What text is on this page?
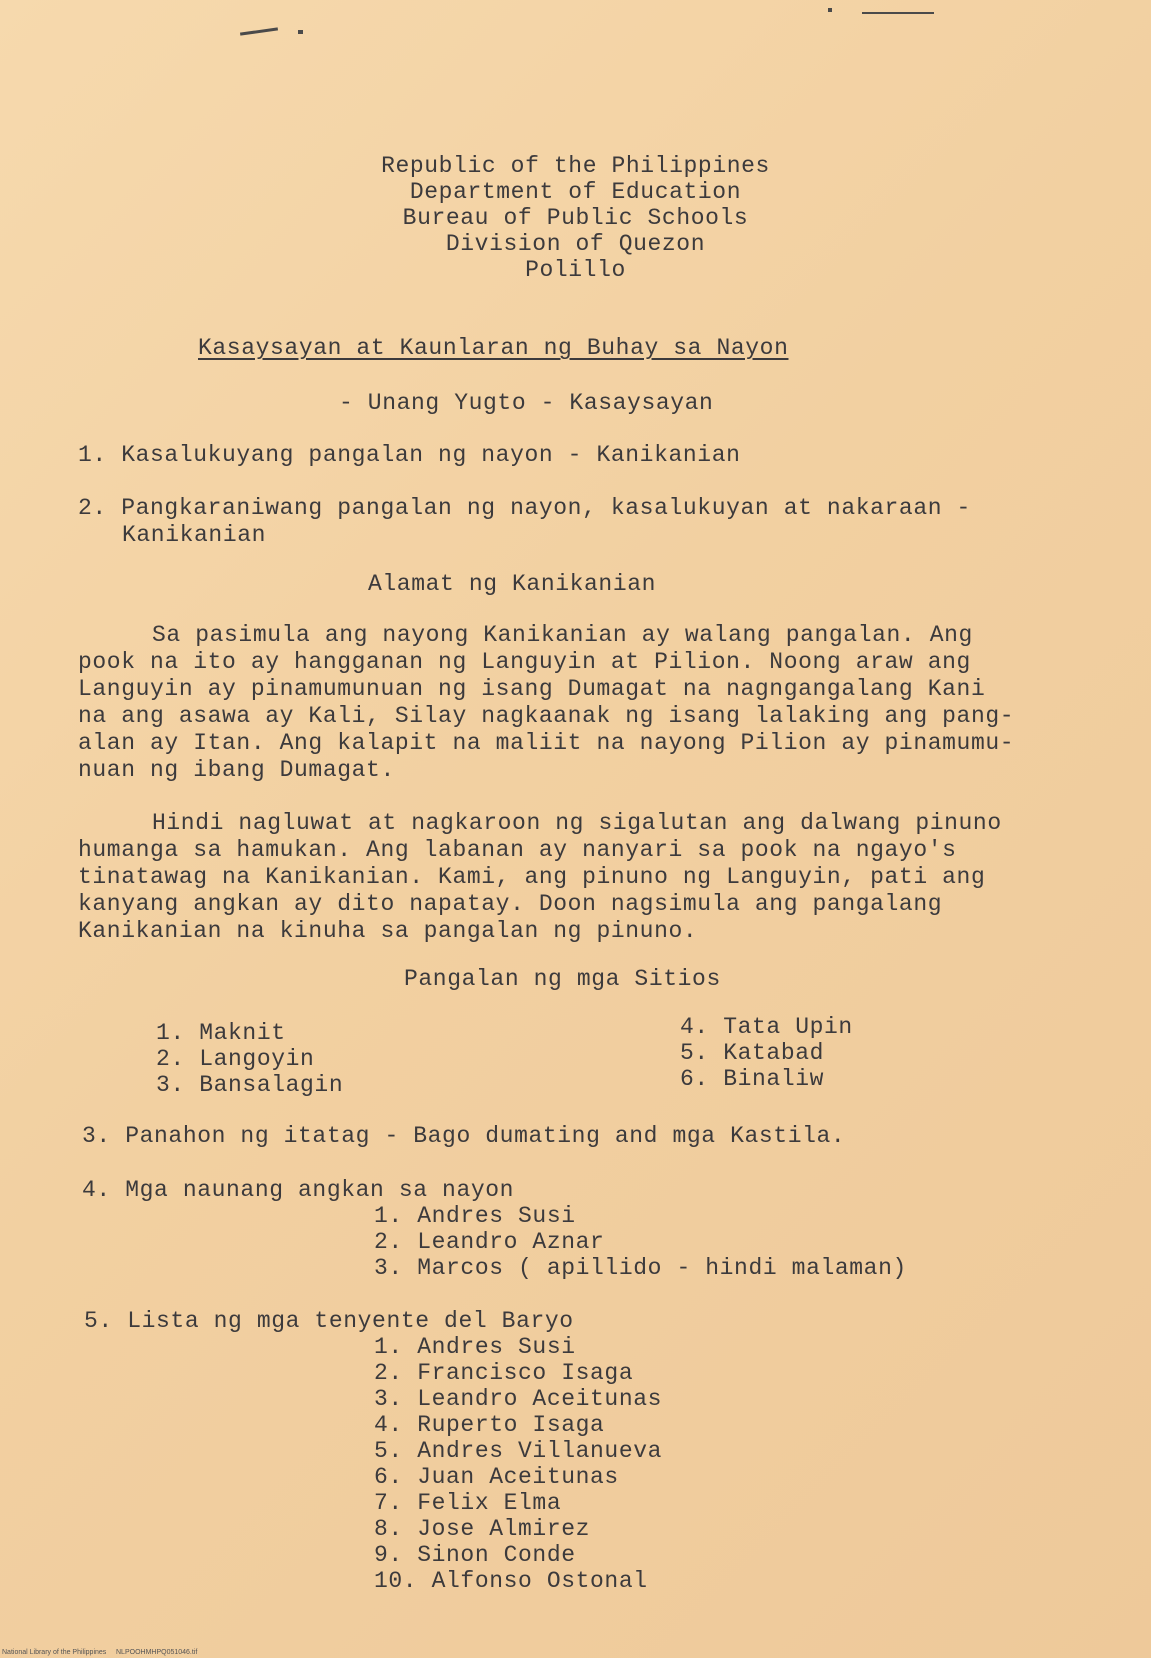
Republic of the Philippines
Department of Education
Bureau of Public Schools
Division of Quezon
Polillo
Kasaysayan at Kaunlaran ng Buhay sa Nayon
- Unang Yugto - Kasaysayan
1. Kasalukuyang pangalan ng nayon - Kanikanian
2. Pangkaraniwang pangalan ng nayon, kasalukuyan at nakaraan -
Kanikanian
Alamat ng Kanikanian
Sa pasimula ang nayong Kanikanian ay walang pangalan. Ang
pook na ito ay hangganan ng Languyin at Pilion. Noong araw ang
Languyin ay pinamumunuan ng isang Dumagat na nagngangalang Kani
na ang asawa ay Kali, Silay nagkaanak ng isang lalaking ang pang-
alan ay Itan. Ang kalapit na maliit na nayong Pilion ay pinamumu-
nuan ng ibang Dumagat.
Hindi nagluwat at nagkaroon ng sigalutan ang dalwang pinuno
humanga sa hamukan. Ang labanan ay nanyari sa pook na ngayo's
tinatawag na Kanikanian. Kami, ang pinuno ng Languyin, pati ang
kanyang angkan ay dito napatay. Doon nagsimula ang pangalang
Kanikanian na kinuha sa pangalan ng pinuno.
Pangalan ng mga Sitios
1. Maknit
2. Langoyin
3. Bansalagin
4. Tata Upin
5. Katabad
6. Binaliw
3. Panahon ng itatag - Bago dumating and mga Kastila.
4. Mga naunang angkan sa nayon
1. Andres Susi
2. Leandro Aznar
3. Marcos ( apillido - hindi malaman)
5. Lista ng mga tenyente del Baryo
1. Andres Susi
2. Francisco Isaga
3. Leandro Aceitunas
4. Ruperto Isaga
5. Andres Villanueva
6. Juan Aceitunas
7. Felix Elma
8. Jose Almirez
9. Sinon Conde
10. Alfonso Ostonal
National Library of the Philippines     NLPOOHMHPQ051046.tif
